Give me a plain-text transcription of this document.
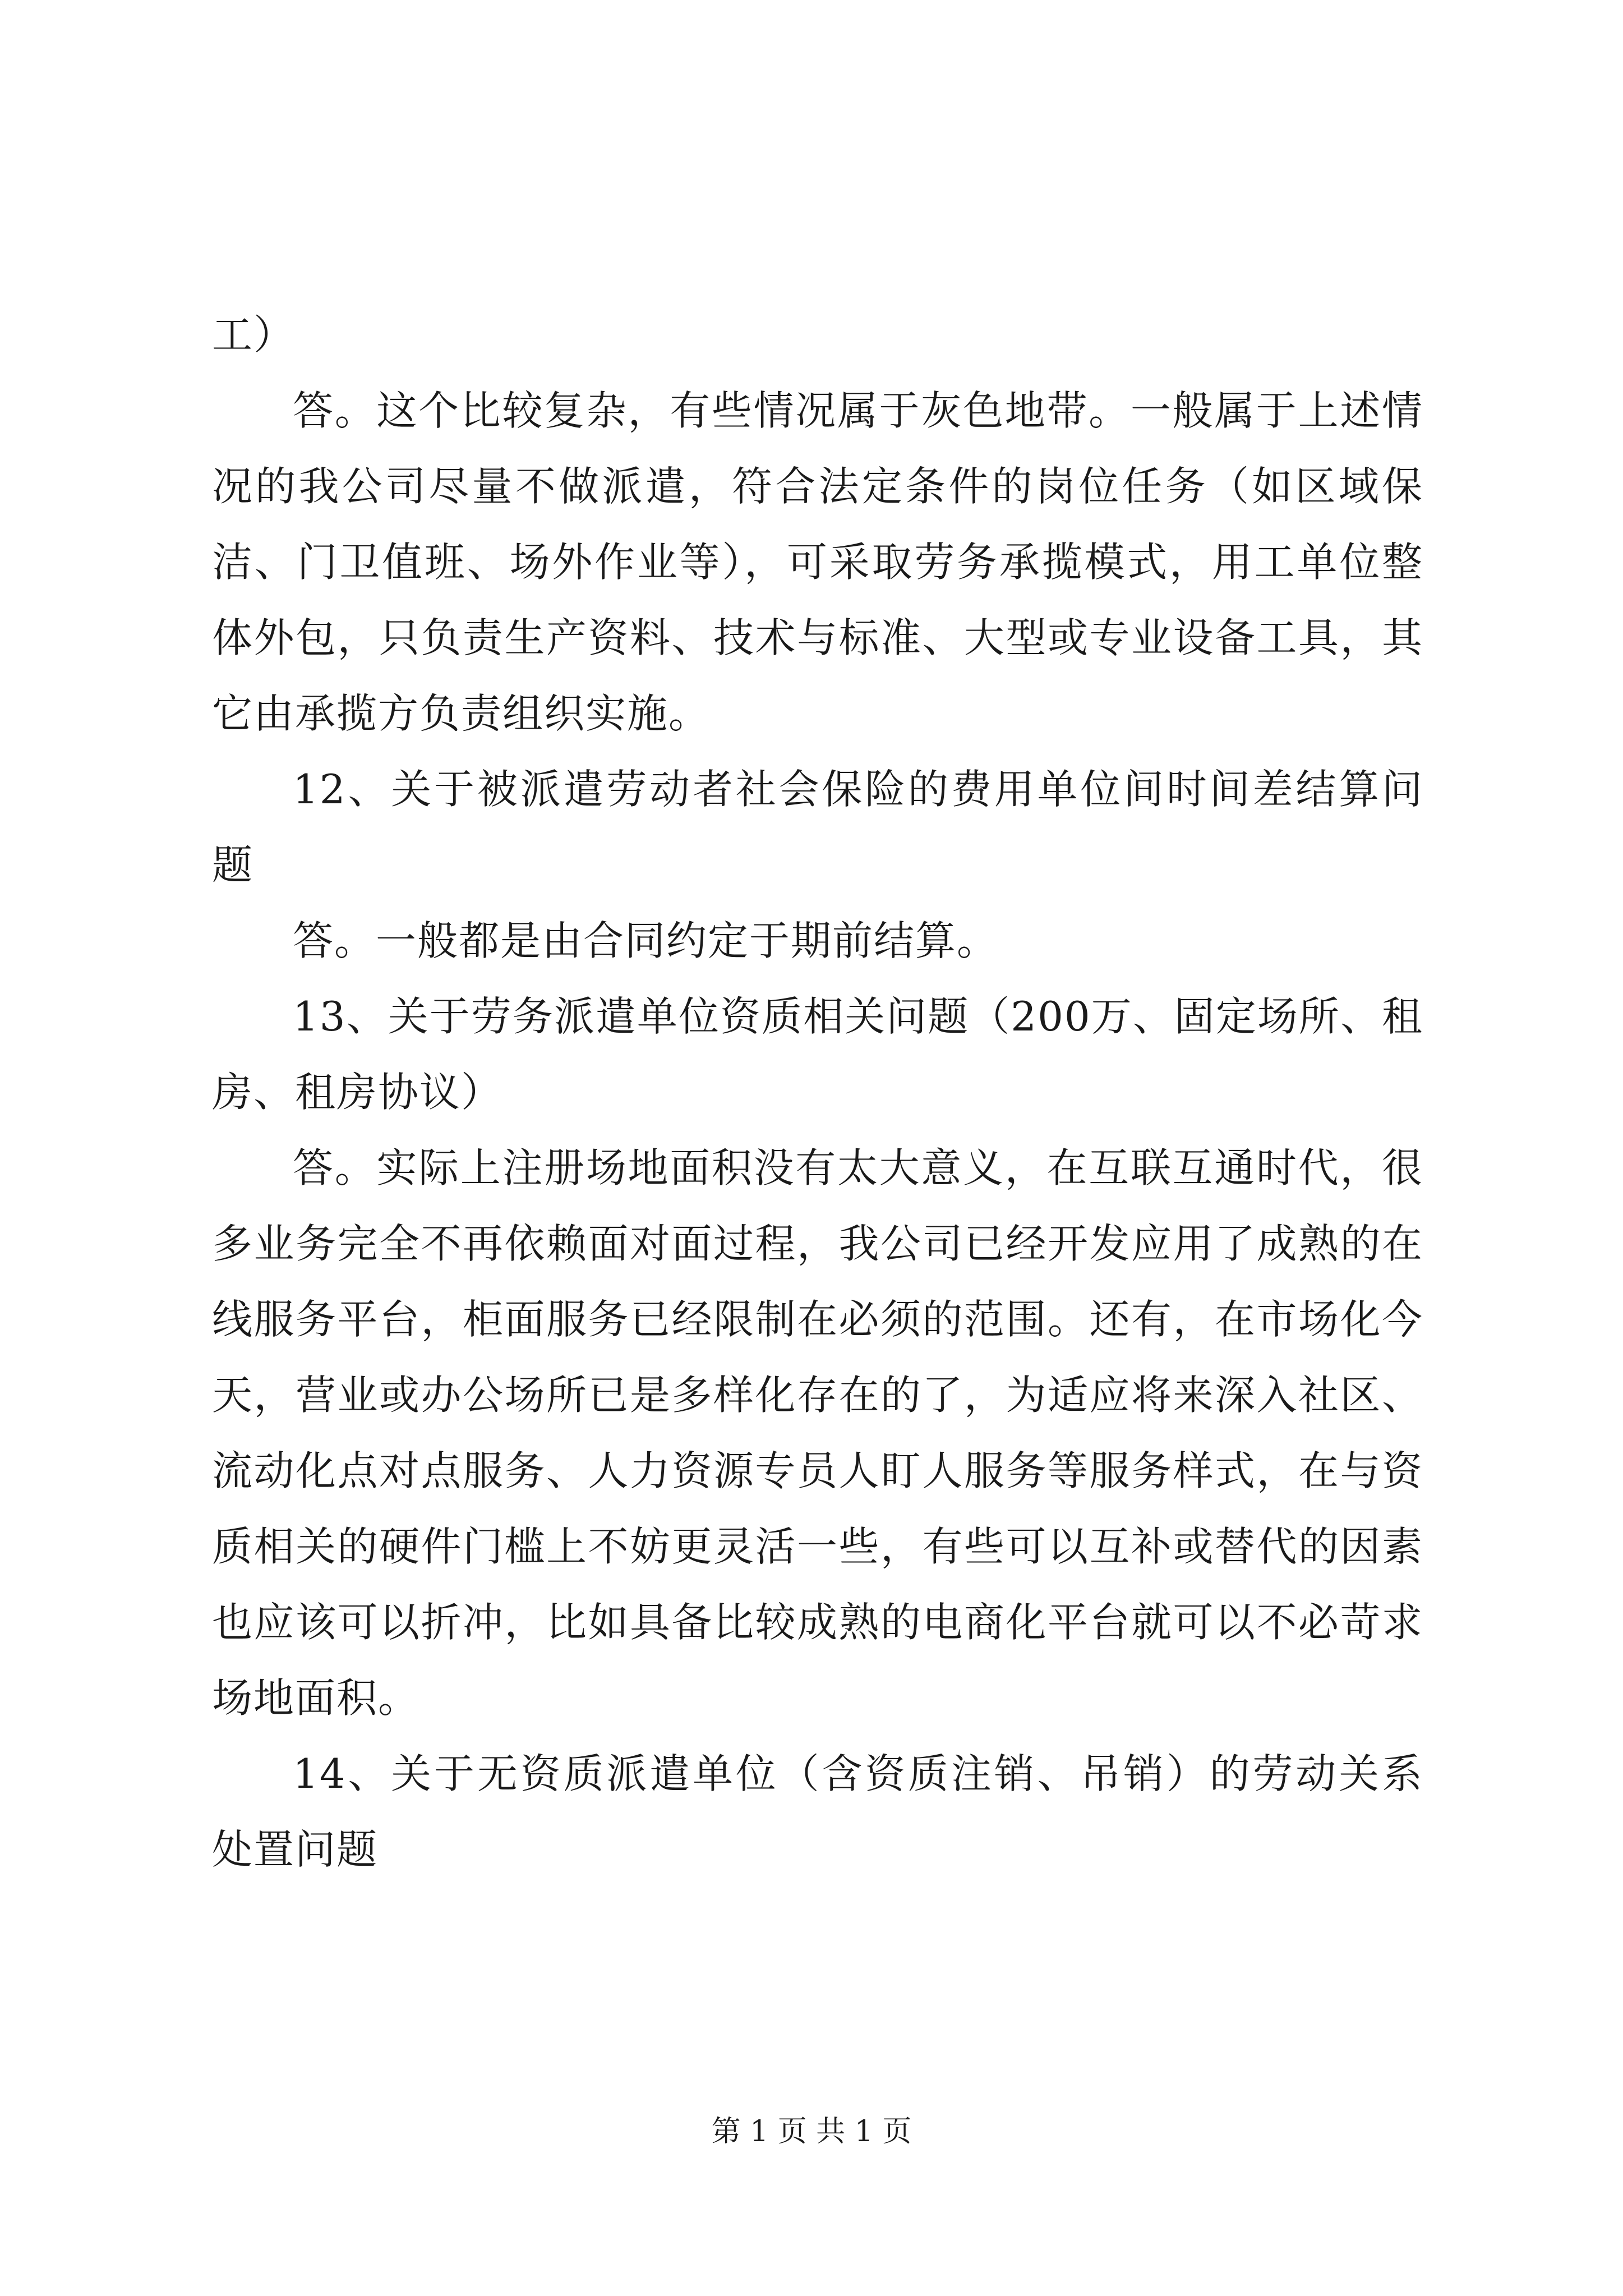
工）

答。这个比较复杂，有些情况属于灰色地带。一般属于上述情况的我公司尽量不做派遣，符合法定条件的岗位任务（如区域保洁、门卫值班、场外作业等），可采取劳务承揽模式，用工单位整体外包，只负责生产资料、技术与标准、大型或专业设备工具，其它由承揽方负责组织实施。

12、关于被派遣劳动者社会保险的费用单位间时间差结算问题

答。一般都是由合同约定于期前结算。

13、关于劳务派遣单位资质相关问题（200万、固定场所、租房、租房协议）

答。实际上注册场地面积没有太大意义，在互联互通时代，很多业务完全不再依赖面对面过程，我公司已经开发应用了成熟的在线服务平台，柜面服务已经限制在必须的范围。还有，在市场化今天，营业或办公场所已是多样化存在的了，为适应将来深入社区、流动化点对点服务、人力资源专员人盯人服务等服务样式，在与资质相关的硬件门槛上不妨更灵活一些，有些可以互补或替代的因素也应该可以折冲，比如具备比较成熟的电商化平台就可以不必苛求场地面积。

14、关于无资质派遣单位（含资质注销、吊销）的劳动关系处置问题

第 1 页 共 1 页
